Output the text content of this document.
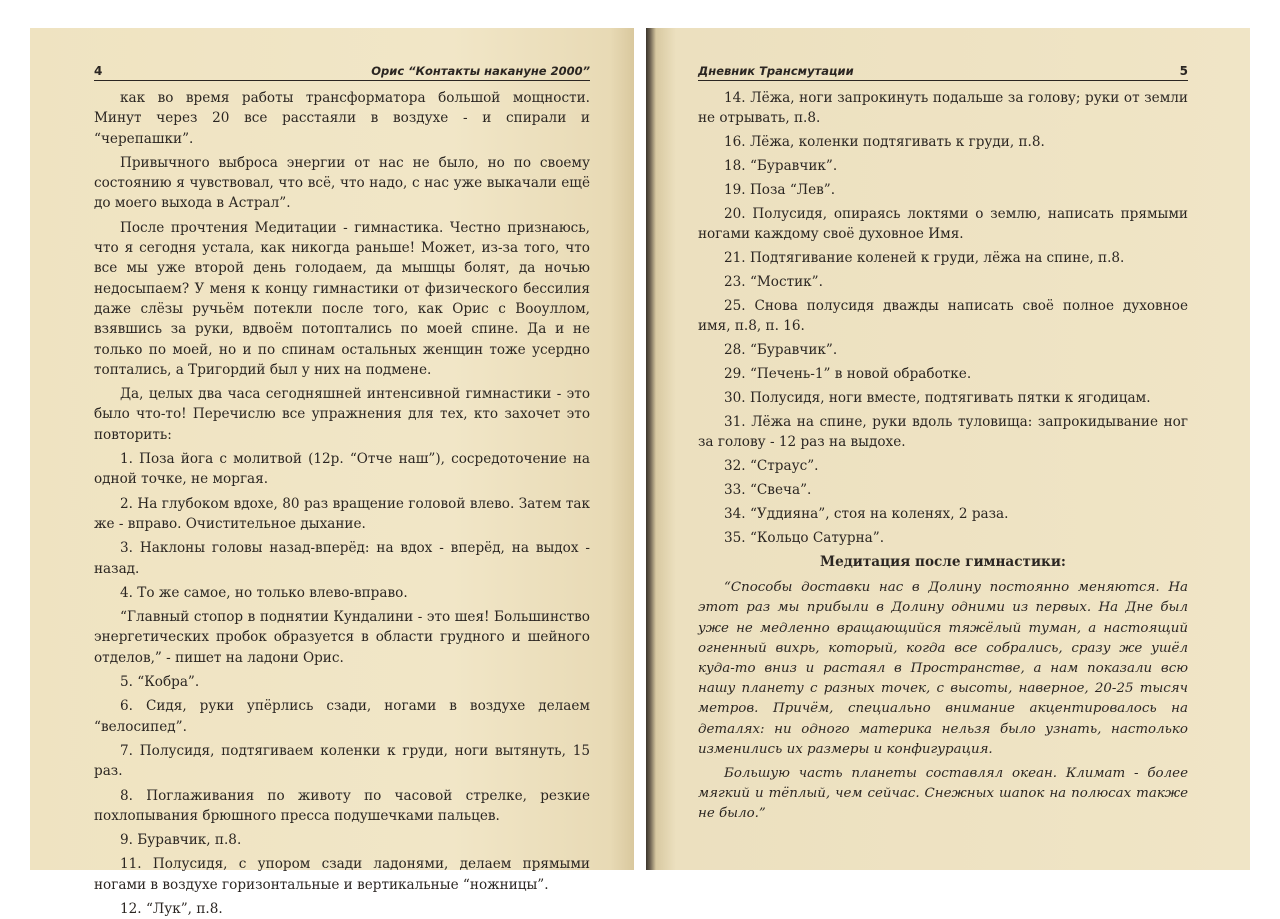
4	Орис “Контакты накануне 2000”

как во время работы трансформатора большой мощности. Минут через 20 все расстаяли в воздухе - и спирали и “черепашки”.

Привычного выброса энергии от нас не было, но по своему состоянию я чувствовал, что всё, что надо, с нас уже выкачали ещё до моего выхода в Астрал”.

После прочтения Медитации - гимнастика. Честно признаюсь, что я сегодня устала, как никогда раньше! Может, из-за того, что все мы уже второй день голодаем, да мышцы болят, да ночью недосыпаем? У меня к концу гимнастики от физического бессилия даже слёзы ручьём потекли после того, как Орис с Вооуллом, взявшись за руки, вдвоём потоптались по моей спине. Да и не только по моей, но и по спинам остальных женщин тоже усердно топтались, а Тригордий был у них на подмене.

Да, целых два часа сегодняшней интенсивной гимнастики - это было что-то! Перечислю все упражнения для тех, кто захочет это повторить:

1. Поза йога с молитвой (12р. “Отче наш”), сосредоточение на одной точке, не моргая.

2. На глубоком вдохе, 80 раз вращение головой влево. Затем так же - вправо. Очистительное дыхание.

3. Наклоны головы назад-вперёд: на вдох - вперёд, на выдох - назад.

4. То же самое, но только влево-вправо.

“Главный стопор в поднятии Кундалини - это шея! Большинство энергетических пробок образуется в области грудного и шейного отделов,” - пишет на ладони Орис.

5. “Кобра”.

6. Сидя, руки упёрлись сзади, ногами в воздухе делаем “велосипед”.

7. Полусидя, подтягиваем коленки к груди, ноги вытянуть, 15 раз.

8. Поглаживания по животу по часовой стрелке, резкие похлопывания брюшного пресса подушечками пальцев.

9. Буравчик, п.8.

11. Полусидя, с упором сзади ладонями, делаем прямыми ногами в воздухе горизонтальные и вертикальные “ножницы”.

12. “Лук”, п.8.

Дневник Трансмутации	5

14. Лёжа, ноги запрокинуть подальше за голову; руки от земли не отрывать, п.8.

16. Лёжа, коленки подтягивать к груди, п.8.

18. “Буравчик”.

19. Поза “Лев”.

20. Полусидя, опираясь локтями о землю, написать прямыми ногами каждому своё духовное Имя.

21. Подтягивание коленей к груди, лёжа на спине, п.8.

23. “Мостик”.

25. Снова полусидя дважды написать своё полное духовное имя, п.8, п. 16.

28. “Буравчик”.

29. “Печень-1” в новой обработке.

30. Полусидя, ноги вместе, подтягивать пятки к ягодицам.

31. Лёжа на спине, руки вдоль туловища: запрокидывание ног за голову - 12 раз на выдохе.

32. “Страус”.

33. “Свеча”.

34. “Уддияна”, стоя на коленях, 2 раза.

35. “Кольцо Сатурна”.

Медитация после гимнастики:

“Способы доставки нас в Долину постоянно меняются. На этот раз мы прибыли в Долину одними из первых. На Дне был уже не медленно вращающийся тяжёлый туман, а настоящий огненный вихрь, который, когда все собрались, сразу же ушёл куда-то вниз и растаял в Пространстве, а нам показали всю нашу планету с разных точек, с высоты, наверное, 20-25 тысяч метров. Причём, специально внимание акцентировалось на деталях: ни одного материка нельзя было узнать, настолько изменились их размеры и конфигурация.

Большую часть планеты составлял океан. Климат - более мягкий и тёплый, чем сейчас. Снежных шапок на полюсах также не было.”
